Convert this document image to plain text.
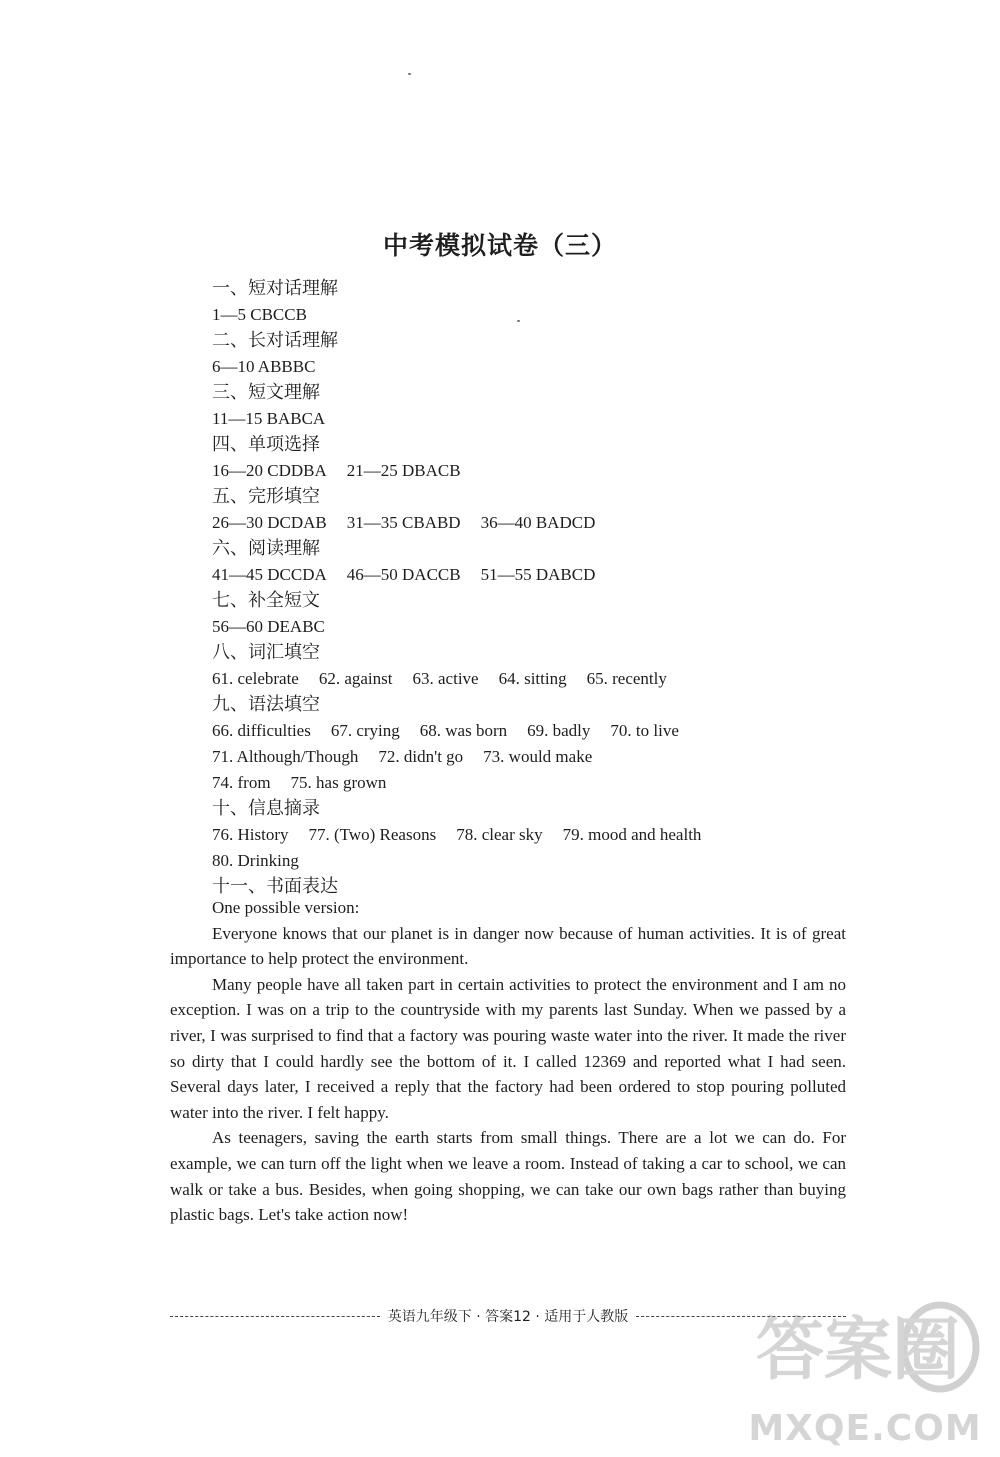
中考模拟试卷（三）
一、短对话理解
1—5 CBCCB
二、长对话理解
6—10 ABBBC
三、短文理解
11—15 BABCA
四、单项选择
16—20 CDDBA 21—25 DBACB
五、完形填空
26—30 DCDAB 31—35 CBABD 36—40 BADCD
六、阅读理解
41—45 DCCDA 46—50 DACCB 51—55 DABCD
七、补全短文
56—60 DEABC
八、词汇填空
61. celebrate 62. against 63. active 64. sitting 65. recently
九、语法填空
66. difficulties 67. crying 68. was born 69. badly 70. to live
71. Although/Though 72. didn't go 73. would make
74. from 75. has grown
十、信息摘录
76. History 77. (Two) Reasons 78. clear sky 79. mood and health
80. Drinking
十一、书面表达
One possible version:

Everyone knows that our planet is in danger now because of human activities. It is of great importance to help protect the environment.

Many people have all taken part in certain activities to protect the environment and I am no exception. I was on a trip to the countryside with my parents last Sunday. When we passed by a river, I was surprised to find that a factory was pouring waste water into the river. It made the river so dirty that I could hardly see the bottom of it. I called 12369 and reported what I had seen. Several days later, I received a reply that the factory had been ordered to stop pouring polluted water into the river. I felt happy.

As teenagers, saving the earth starts from small things. There are a lot we can do. For example, we can turn off the light when we leave a room. Instead of taking a car to school, we can walk or take a bus. Besides, when going shopping, we can take our own bags rather than buying plastic bags. Let's take action now!

英语九年级下 · 答案12 · 适用于人教版 答案圈
MXQE.COM
